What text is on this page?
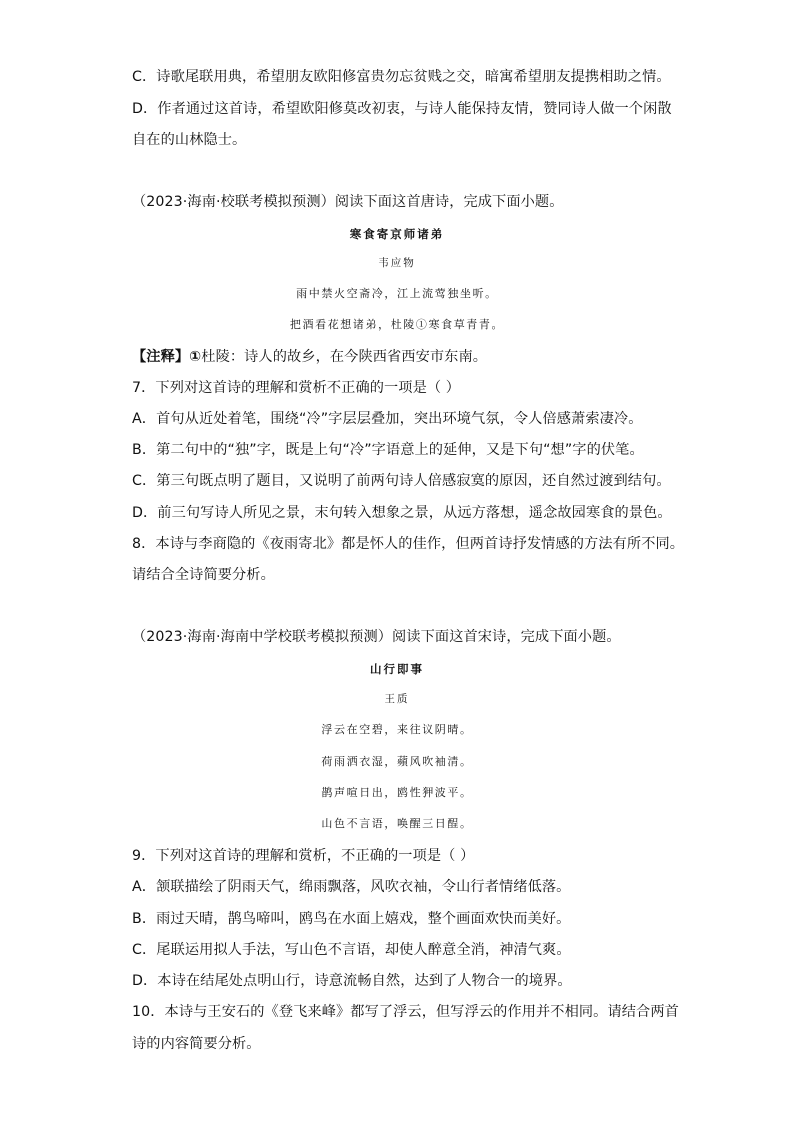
C．诗歌尾联用典，希望朋友欧阳修富贵勿忘贫贱之交，暗寓希望朋友提携相助之情。
D．作者通过这首诗，希望欧阳修莫改初衷，与诗人能保持友情，赞同诗人做一个闲散
自在的山林隐士。
（2023·海南·校联考模拟预测）阅读下面这首唐诗，完成下面小题。
寒食寄京师诸弟
韦应物
雨中禁火空斋冷，江上流莺独坐听。
把酒看花想诸弟，杜陵①寒食草青青。
【注释】①杜陵：诗人的故乡，在今陕西省西安市东南。
7．下列对这首诗的理解和赏析不正确的一项是（ ）
A．首句从近处着笔，围绕“冷”字层层叠加，突出环境气氛，令人倍感萧索凄冷。
B．第二句中的“独”字，既是上句“冷”字语意上的延伸，又是下句“想”字的伏笔。
C．第三句既点明了题目，又说明了前两句诗人倍感寂寞的原因，还自然过渡到结句。
D．前三句写诗人所见之景，末句转入想象之景，从远方落想，遥念故园寒食的景色。
8．本诗与李商隐的《夜雨寄北》都是怀人的佳作，但两首诗抒发情感的方法有所不同。
请结合全诗简要分析。
（2023·海南·海南中学校联考模拟预测）阅读下面这首宋诗，完成下面小题。
山行即事
王质
浮云在空碧，来往议阴晴。
荷雨洒衣湿，蘋风吹袖清。
鹊声喧日出，鸥性狎波平。
山色不言语，唤醒三日酲。
9．下列对这首诗的理解和赏析，不正确的一项是（ ）
A．颔联描绘了阴雨天气，绵雨飘落，风吹衣袖，令山行者情绪低落。
B．雨过天晴，鹊鸟啼叫，鸥鸟在水面上嬉戏，整个画面欢快而美好。
C．尾联运用拟人手法，写山色不言语，却使人醉意全消，神清气爽。
D．本诗在结尾处点明山行，诗意流畅自然，达到了人物合一的境界。
10．本诗与王安石的《登飞来峰》都写了浮云，但写浮云的作用并不相同。请结合两首
诗的内容简要分析。
